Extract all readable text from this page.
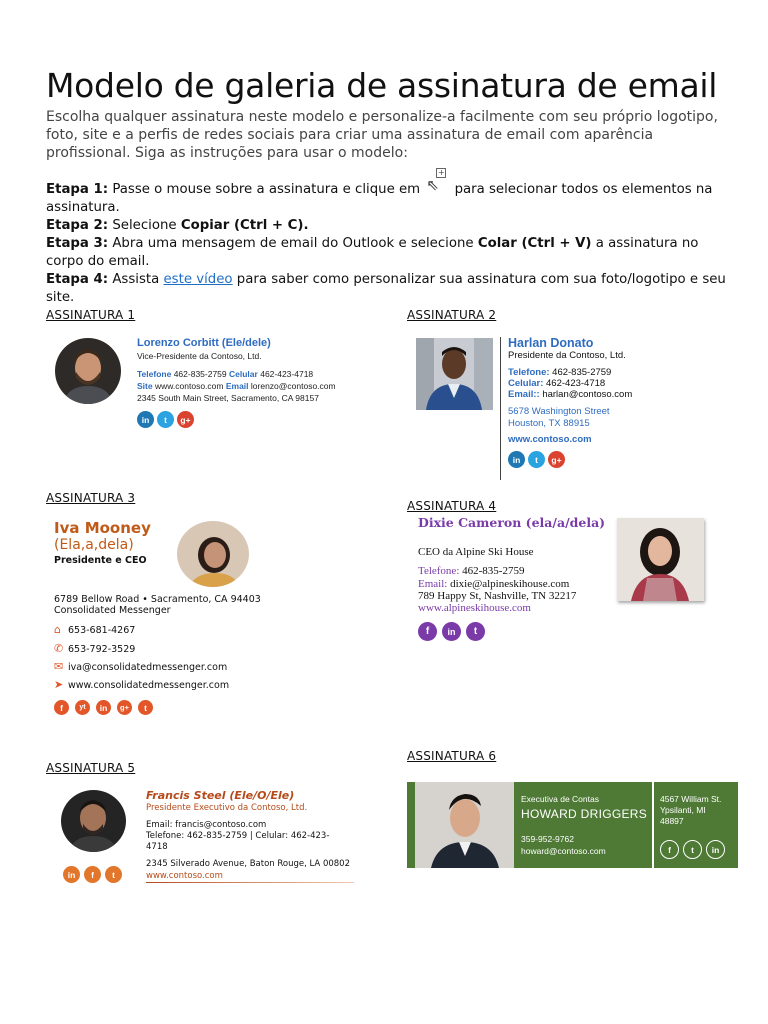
Modelo de galeria de assinatura de email

Escolha qualquer assinatura neste modelo e personalize-a facilmente com seu próprio logotipo, foto, site e a perfis de redes sociais para criar uma assinatura de email com aparência profissional. Siga as instruções para usar o modelo:

Etapa 1: Passe o mouse sobre a assinatura e clique em
+
⇖ para selecionar todos os elementos na assinatura.
Etapa 2: Selecione Copiar (Ctrl + C).
Etapa 3: Abra uma mensagem de email do Outlook e selecione Colar (Ctrl + V) a assinatura no corpo do email.
Etapa 4: Assista este vídeo para saber como personalizar sua assinatura com sua foto/logotipo e seu site.
ASSINATURA 1
Lorenzo Corbitt (Ele/dele)
Vice-Presidente da Contoso, Ltd.
Telefone 462-835-2759 Celular 462-423-4718
Site www.contoso.com Email lorenzo@contoso.com
2345 South Main Street, Sacramento, CA 98157
in	t	g+
ASSINATURA 2
Harlan Donato
Presidente da Contoso, Ltd.
Telefone: 462-835-2759
Celular: 462-423-4718
Email:: harlan@contoso.com
5678 Washington Street
Houston, TX 88915
www.contoso.com
in	t	g+
ASSINATURA 3
Iva Mooney
(Ela,a,dela)
Presidente e CEO
6789 Bellow Road • Sacramento, CA 94403
Consolidated Messenger
⌂ 653-681-4267
✆ 653-792-3529
✉ iva@consolidatedmessenger.com
➤ www.consolidatedmessenger.com
f	yt	in	g+	t
ASSINATURA 4
Dixie Cameron (ela/a/dela)
CEO da Alpine Ski House
Telefone: 462-835-2759
Email: dixie@alpineskihouse.com
789 Happy St, Nashville, TN 32217
www.alpineskihouse.com
f	in	t
ASSINATURA 5
Francis Steel (Ele/O/Ele)
Presidente Executivo da Contoso, Ltd.
Email: francis@contoso.com
Telefone: 462-835-2759 | Celular: 462-423-
4718
2345 Silverado Avenue, Baton Rouge, LA 00802
www.contoso.com
in	f	t
ASSINATURA 6
Executiva de Contas
HOWARD DRIGGERS
359-952-9762
howard@contoso.com
4567 William St.
Ypsilanti, MI
48897
f	t	in
